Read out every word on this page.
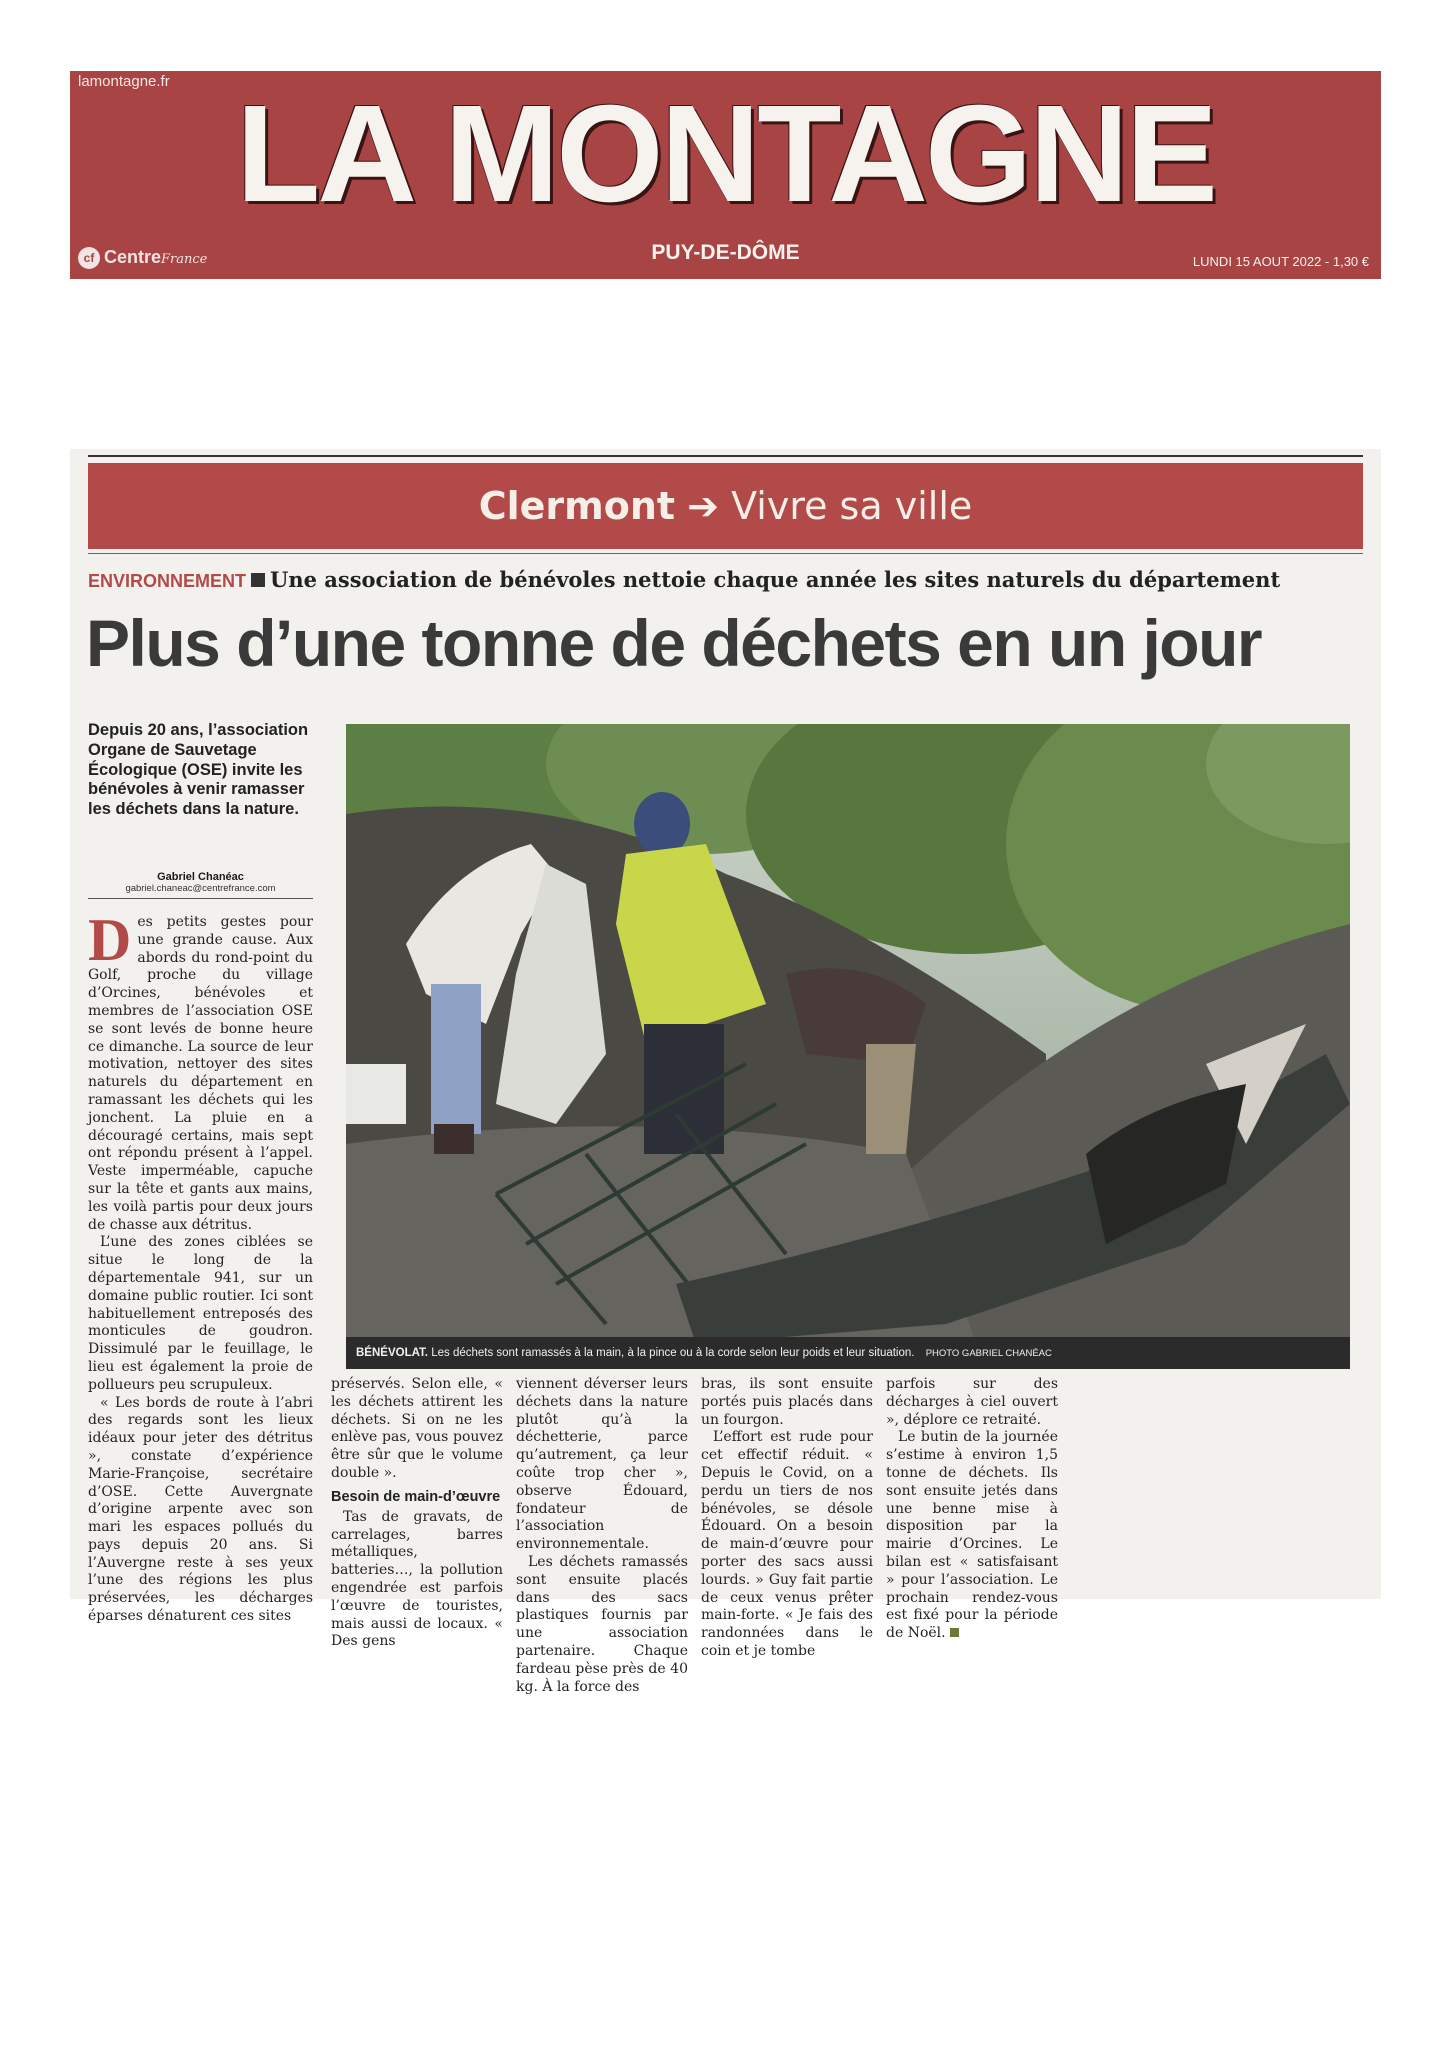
lamontagne.fr LA MONTAGNE
cf CentreFrance	PUY-DE-DÔME	LUNDI 15 AOUT 2022 - 1,30 €
Clermont ➔ Vivre sa ville
ENVIRONNEMENT Une association de bénévoles nettoie chaque année les sites naturels du département
Plus d’une tonne de déchets en un jour
Depuis 20 ans, l’association Organe de Sauvetage Écologique (OSE) invite les bénévoles à venir ramasser les déchets dans la nature.
Gabriel Chanéac
gabriel.chaneac@centrefrance.com
BÉNÉVOLAT. Les déchets sont ramassés à la main, à la pince ou à la corde selon leur poids et leur situation. PHOTO GABRIEL CHANÉAC

Des petits gestes pour une grande cause. Aux abords du rond-point du Golf, proche du village d’Orcines, bénévoles et membres de l’association OSE se sont levés de bonne heure ce dimanche. La source de leur motivation, nettoyer des sites naturels du département en ramassant les déchets qui les jonchent. La pluie en a découragé certains, mais sept ont répondu présent à l’appel. Veste imperméable, capuche sur la tête et gants aux mains, les voilà partis pour deux jours de chasse aux détritus.

L’une des zones ciblées se situe le long de la départementale 941, sur un domaine public routier. Ici sont habituellement entreposés des monticules de goudron. Dissimulé par le feuillage, le lieu est également la proie de pollueurs peu scrupuleux.

« Les bords de route à l’abri des regards sont les lieux idéaux pour jeter des détritus », constate d’expérience Marie-Françoise, secrétaire d’OSE. Cette Auvergnate d’origine arpente avec son mari les espaces pollués du pays depuis 20 ans. Si l’Auvergne reste à ses yeux l’une des régions les plus préservées, les décharges éparses dénaturent ces sites

préservés. Selon elle, « les déchets attirent les déchets. Si on ne les enlève pas, vous pouvez être sûr que le volume double ».

Besoin de main-d’œuvre

Tas de gravats, de carrelages, barres métalliques, batteries…, la pollution engendrée est parfois l’œuvre de touristes, mais aussi de locaux. « Des gens

viennent déverser leurs déchets dans la nature plutôt qu’à la déchetterie, parce qu’autrement, ça leur coûte trop cher », observe Édouard, fondateur de l’association environnementale.

Les déchets ramassés sont ensuite placés dans des sacs plastiques fournis par une association partenaire. Chaque fardeau pèse près de 40 kg. À la force des

bras, ils sont ensuite portés puis placés dans un fourgon.

L’effort est rude pour cet effectif réduit. « Depuis le Covid, on a perdu un tiers de nos bénévoles, se désole Édouard. On a besoin de main-d’œuvre pour porter des sacs aussi lourds. » Guy fait partie de ceux venus prêter main-forte. « Je fais des randonnées dans le coin et je tombe

parfois sur des décharges à ciel ouvert », déplore ce retraité.

Le butin de la journée s’estime à environ 1,5 tonne de déchets. Ils sont ensuite jetés dans une benne mise à disposition par la mairie d’Orcines. Le bilan est « satisfaisant » pour l’association. Le prochain rendez-vous est fixé pour la période de Noël.
